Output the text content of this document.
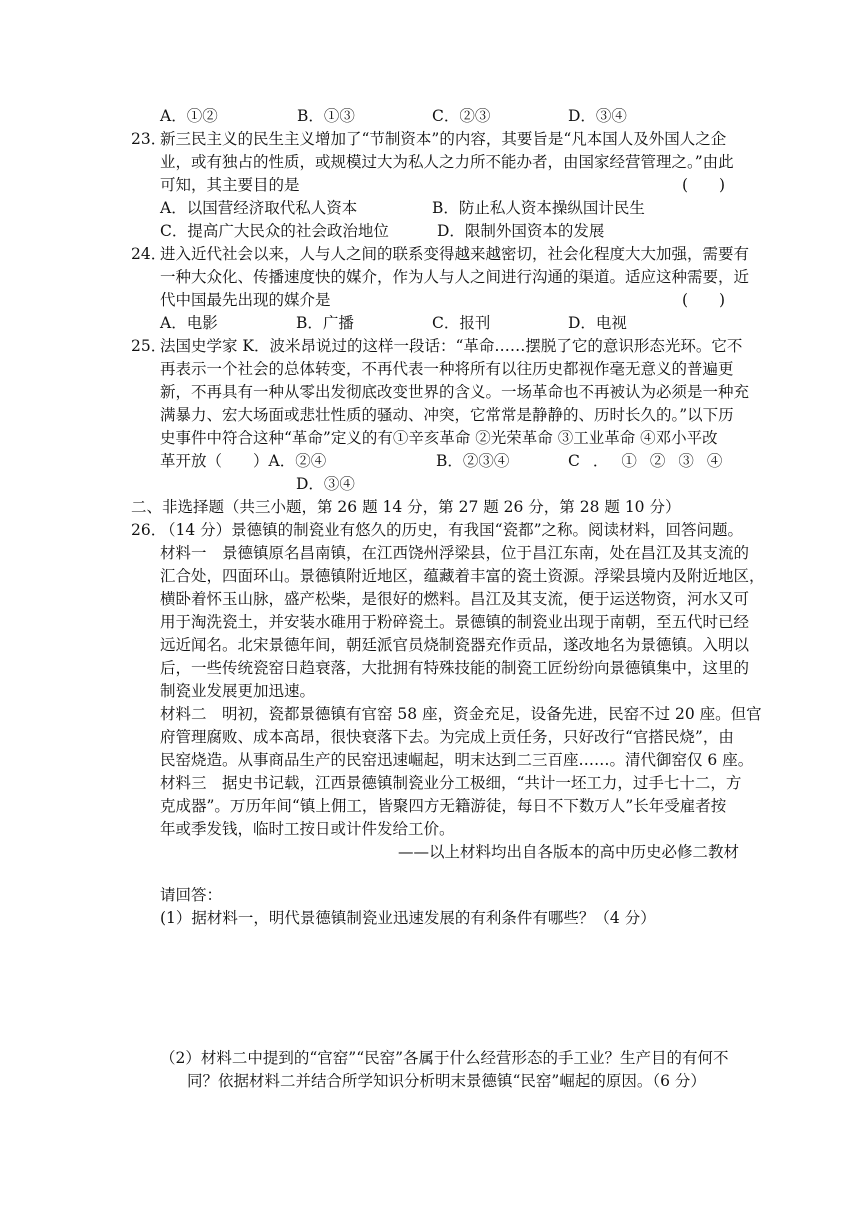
A．①②	B．①③	C．②③	D．③④
23．
新三民主义的民生主义增加了“节制资本”的内容，其要旨是“凡本国人及外国人之企
业，或有独占的性质，或规模过大为私人之力所不能办者，由国家经营管理之。”由此
可知，其主要目的是	(　　)
A．以国营经济取代私人资本	B．防止私人资本操纵国计民生
C．提高广大民众的社会政治地位	D．限制外国资本的发展
24．
进入近代社会以来，人与人之间的联系变得越来越密切，社会化程度大大加强，需要有
一种大众化、传播速度快的媒介，作为人与人之间进行沟通的渠道。适应这种需要，近
代中国最先出现的媒介是	(　　)
A．电影	B．广播	C．报刊	D．电视
25．
法国史学家 K．波米昂说过的这样一段话：“革命……摆脱了它的意识形态光环。它不
再表示一个社会的总体转变，不再代表一种将所有以往历史都视作毫无意义的普遍更
新，不再具有一种从零出发彻底改变世界的含义。一场革命也不再被认为必须是一种充
满暴力、宏大场面或悲壮性质的骚动、冲突，它常常是静静的、历时长久的。”以下历
史事件中符合这种“革命”定义的有①辛亥革命 ②光荣革命 ③工业革命 ④邓小平改
革开放（　　）A．②④	B．②③④	C．①②③④
D．③④
二、非选择题（共三小题，第 26 题 14 分，第 27 题 26 分，第 28 题 10 分）
26．
（14 分）景德镇的制瓷业有悠久的历史，有我国“瓷都”之称。阅读材料，回答问题。
材料一　景德镇原名昌南镇，在江西饶州浮梁县，位于昌江东南，处在昌江及其支流的
汇合处，四面环山。景德镇附近地区，蕴藏着丰富的瓷土资源。浮梁县境内及附近地区，
横卧着怀玉山脉，盛产松柴，是很好的燃料。昌江及其支流，便于运送物资，河水又可
用于淘洗瓷土，并安装水碓用于粉碎瓷土。景德镇的制瓷业出现于南朝，至五代时已经
远近闻名。北宋景德年间，朝廷派官员烧制瓷器充作贡品，遂改地名为景德镇。入明以
后，一些传统瓷窑日趋衰落，大批拥有特殊技能的制瓷工匠纷纷向景德镇集中，这里的
制瓷业发展更加迅速。
材料二　明初，瓷都景德镇有官窑 58 座，资金充足，设备先进，民窑不过 20 座。但官
府管理腐败、成本高昂，很快衰落下去。为完成上贡任务，只好改行“官搭民烧”，由
民窑烧造。从事商品生产的民窑迅速崛起，明末达到二三百座……。清代御窑仅 6 座。
材料三　据史书记载，江西景德镇制瓷业分工极细，“共计一坯工力，过手七十二，方
克成器”。万历年间“镇上佣工，皆聚四方无籍游徒，每日不下数万人”长年受雇者按
年或季发钱，临时工按日或计件发给工价。
——以上材料均出自各版本的高中历史必修二教材
请回答：
(1）据材料一，明代景德镇制瓷业迅速发展的有利条件有哪些？（4 分）
（2）材料二中提到的“官窑”“民窑”各属于什么经营形态的手工业？生产目的有何不
同？依据材料二并结合所学知识分析明末景德镇“民窑”崛起的原因。（6 分）
